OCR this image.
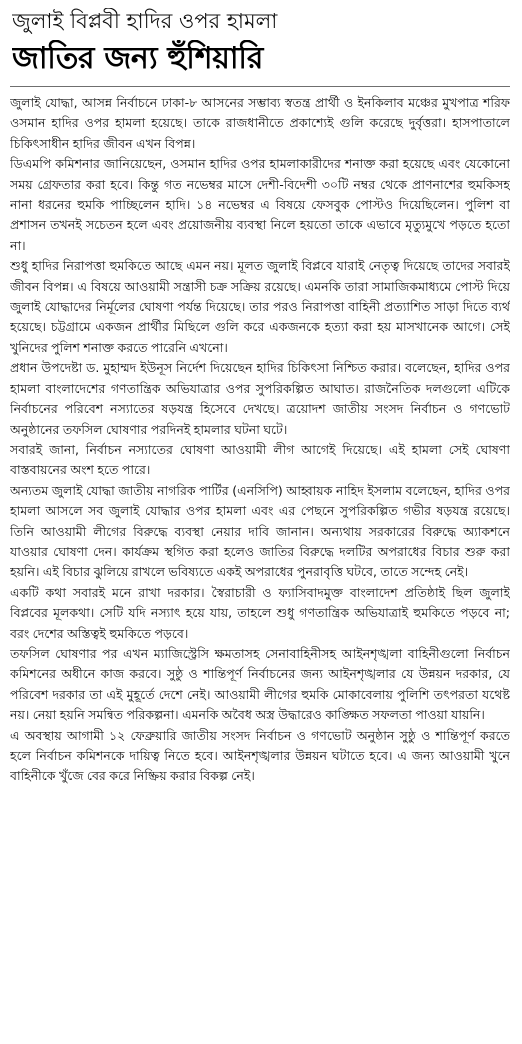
জুলাই বিপ্লবী হাদির ওপর হামলা
জাতির জন্য হুঁশিয়ারি

জুলাই যোদ্ধা, আসন্ন নির্বাচনে ঢাকা-৮ আসনের সম্ভাব্য স্বতন্ত্র প্রার্থী ও ইনকিলাব মঞ্চের মুখপাত্র শরিফ ওসমান হাদির ওপর হামলা হয়েছে। তাকে রাজধানীতে প্রকাশ্যেই গুলি করেছে দুর্বৃত্তরা। হাসপাতালে চিকিৎসাধীন হাদির জীবন এখন বিপন্ন।

ডিএমপি কমিশনার জানিয়েছেন, ওসমান হাদির ওপর হামলাকারীদের শনাক্ত করা হয়েছে এবং যেকোনো সময় গ্রেফতার করা হবে। কিন্তু গত নভেম্বর মাসে দেশী-বিদেশী ৩০টি নম্বর থেকে প্রাণনাশের হুমকিসহ নানা ধরনের হুমকি পাচ্ছিলেন হাদি। ১৪ নভেম্বর এ বিষয়ে ফেসবুক পোস্টও দিয়েছিলেন। পুলিশ বা প্রশাসন তখনই সচেতন হলে এবং প্রয়োজনীয় ব্যবস্থা নিলে হয়তো তাকে এভাবে মৃত্যুমুখে পড়তে হতো না।

শুধু হাদির নিরাপত্তা হুমকিতে আছে এমন নয়। মূলত জুলাই বিপ্লবে যারাই নেতৃত্ব দিয়েছে তাদের সবারই জীবন বিপন্ন। এ বিষয়ে আওয়ামী সন্ত্রাসী চক্র সক্রিয় রয়েছে। এমনকি তারা সামাজিকমাধ্যমে পোস্ট দিয়ে জুলাই যোদ্ধাদের নির্মূলের ঘোষণা পর্যন্ত দিয়েছে। তার পরও নিরাপত্তা বাহিনী প্রত্যাশিত সাড়া দিতে ব্যর্থ হয়েছে। চট্টগ্রামে একজন প্রার্থীর মিছিলে গুলি করে একজনকে হত্যা করা হয় মাসখানেক আগে। সেই খুনিদের পুলিশ শনাক্ত করতে পারেনি এখনো।

প্রধান উপদেষ্টা ড. মুহাম্মদ ইউনূস নির্দেশ দিয়েছেন হাদির চিকিৎসা নিশ্চিত করার। বলেছেন, হাদির ওপর হামলা বাংলাদেশের গণতান্ত্রিক অভিযাত্রার ওপর সুপরিকল্পিত আঘাত। রাজনৈতিক দলগুলো এটিকে নির্বাচনের পরিবেশ নস্যাতের ষড়যন্ত্র হিসেবে দেখছে। ত্রয়োদশ জাতীয় সংসদ নির্বাচন ও গণভোট অনুষ্ঠানের তফসিল ঘোষণার পরদিনই হামলার ঘটনা ঘটে।

সবারই জানা, নির্বাচন নস্যাতের ঘোষণা আওয়ামী লীগ আগেই দিয়েছে। এই হামলা সেই ঘোষণা বাস্তবায়নের অংশ হতে পারে।

অন্যতম জুলাই যোদ্ধা জাতীয় নাগরিক পার্টির (এনসিপি) আহ্বায়ক নাহিদ ইসলাম বলেছেন, হাদির ওপর হামলা আসলে সব জুলাই যোদ্ধার ওপর হামলা এবং এর পেছনে সুপরিকল্পিত গভীর ষড়যন্ত্র রয়েছে। তিনি আওয়ামী লীগের বিরুদ্ধে ব্যবস্থা নেয়ার দাবি জানান। অন্যথায় সরকারের বিরুদ্ধে অ্যাকশনে যাওয়ার ঘোষণা দেন। কার্যক্রম স্থগিত করা হলেও জাতির বিরুদ্ধে দলটির অপরাধের বিচার শুরু করা হয়নি। এই বিচার ঝুলিয়ে রাখলে ভবিষ্যতে একই অপরাধের পুনরাবৃত্তি ঘটবে, তাতে সন্দেহ নেই।

একটি কথা সবারই মনে রাখা দরকার। স্বৈরাচারী ও ফ্যাসিবাদমুক্ত বাংলাদেশ প্রতিষ্ঠাই ছিল জুলাই বিপ্লবের মূলকথা। সেটি যদি নস্যাৎ হয়ে যায়, তাহলে শুধু গণতান্ত্রিক অভিযাত্রাই হুমকিতে পড়বে না; বরং দেশের অস্তিত্বই হুমকিতে পড়বে।

তফসিল ঘোষণার পর এখন ম্যাজিস্ট্রেসি ক্ষমতাসহ সেনাবাহিনীসহ আইনশৃঙ্খলা বাহিনীগুলো নির্বাচন কমিশনের অধীনে কাজ করবে। সুষ্ঠু ও শান্তিপূর্ণ নির্বাচনের জন্য আইনশৃঙ্খলার যে উন্নয়ন দরকার, যে পরিবেশ দরকার তা এই মুহূর্তে দেশে নেই। আওয়ামী লীগের হুমকি মোকাবেলায় পুলিশি তৎপরতা যথেষ্ট নয়। নেয়া হয়নি সমন্বিত পরিকল্পনা। এমনকি অবৈধ অস্ত্র উদ্ধারেও কাঙ্ক্ষিত সফলতা পাওয়া যায়নি।

এ অবস্থায় আগামী ১২ ফেব্রুয়ারি জাতীয় সংসদ নির্বাচন ও গণভোট অনুষ্ঠান সুষ্ঠু ও শান্তিপূর্ণ করতে হলে নির্বাচন কমিশনকে দায়িত্ব নিতে হবে। আইনশৃঙ্খলার উন্নয়ন ঘটাতে হবে। এ জন্য আওয়ামী খুনে বাহিনীকে খুঁজে বের করে নিষ্ক্রিয় করার বিকল্প নেই।
